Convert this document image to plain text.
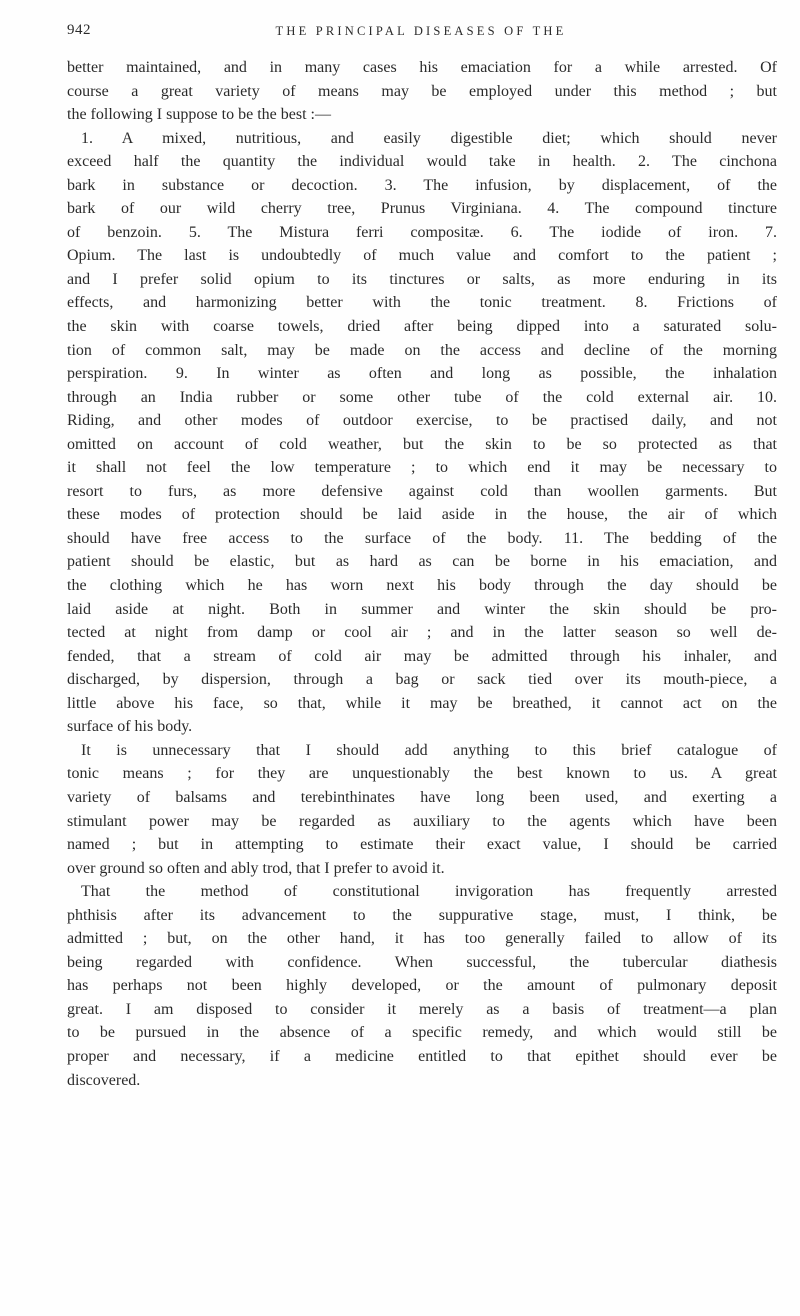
942	THE PRINCIPAL DISEASES OF THE
better maintained, and in many cases his emaciation for a while arrested. Of
course a great variety of means may be employed under this method ; but
the following I suppose to be the best :—
1. A mixed, nutritious, and easily digestible diet; which should never
exceed half the quantity the individual would take in health. 2. The cinchona
bark in substance or decoction. 3. The infusion, by displacement, of the
bark of our wild cherry tree, Prunus Virginiana. 4. The compound tincture
of benzoin. 5. The Mistura ferri compositæ. 6. The iodide of iron. 7.
Opium. The last is undoubtedly of much value and comfort to the patient ;
and I prefer solid opium to its tinctures or salts, as more enduring in its
effects, and harmonizing better with the tonic treatment. 8. Frictions of
the skin with coarse towels, dried after being dipped into a saturated solu-
tion of common salt, may be made on the access and decline of the morning
perspiration. 9. In winter as often and long as possible, the inhalation
through an India rubber or some other tube of the cold external air. 10.
Riding, and other modes of outdoor exercise, to be practised daily, and not
omitted on account of cold weather, but the skin to be so protected as that
it shall not feel the low temperature ; to which end it may be necessary to
resort to furs, as more defensive against cold than woollen garments. But
these modes of protection should be laid aside in the house, the air of which
should have free access to the surface of the body. 11. The bedding of the
patient should be elastic, but as hard as can be borne in his emaciation, and
the clothing which he has worn next his body through the day should be
laid aside at night. Both in summer and winter the skin should be pro-
tected at night from damp or cool air ; and in the latter season so well de-
fended, that a stream of cold air may be admitted through his inhaler, and
discharged, by dispersion, through a bag or sack tied over its mouth-piece, a
little above his face, so that, while it may be breathed, it cannot act on the
surface of his body.
It is unnecessary that I should add anything to this brief catalogue of
tonic means ; for they are unquestionably the best known to us. A great
variety of balsams and terebinthinates have long been used, and exerting a
stimulant power may be regarded as auxiliary to the agents which have been
named ; but in attempting to estimate their exact value, I should be carried
over ground so often and ably trod, that I prefer to avoid it.
That the method of constitutional invigoration has frequently arrested
phthisis after its advancement to the suppurative stage, must, I think, be
admitted ; but, on the other hand, it has too generally failed to allow of its
being regarded with confidence. When successful, the tubercular diathesis
has perhaps not been highly developed, or the amount of pulmonary deposit
great. I am disposed to consider it merely as a basis of treatment—a plan
to be pursued in the absence of a specific remedy, and which would still be
proper and necessary, if a medicine entitled to that epithet should ever be
discovered.
